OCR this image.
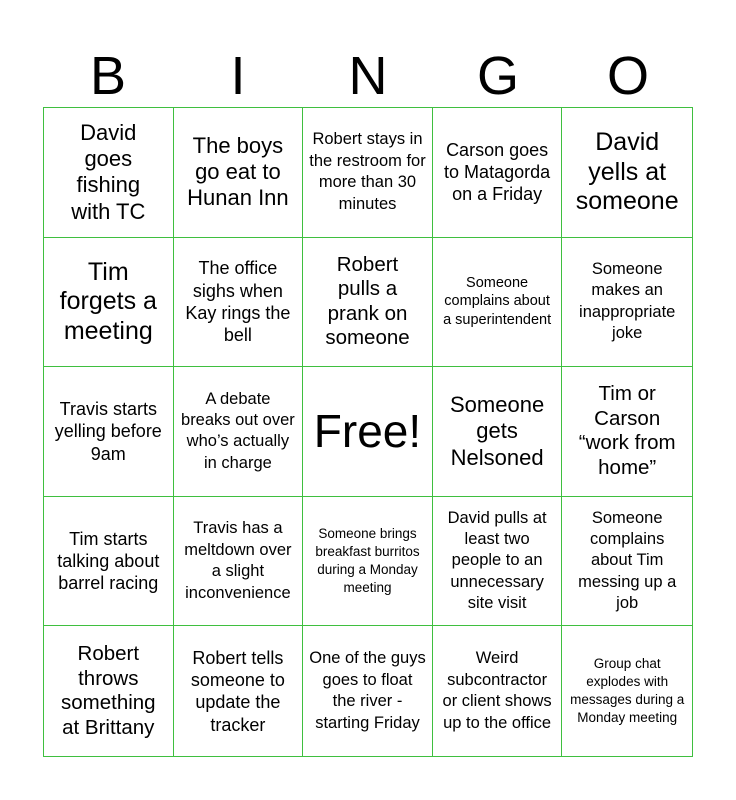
B	I	N	G	O
David goes fishing with TC
The boys go eat to Hunan Inn
Robert stays in the restroom for more than 30 minutes
Carson goes to Matagorda on a Friday
David yells at someone
Tim forgets a meeting
The office sighs when Kay rings the bell
Robert pulls a prank on someone
Someone complains about a superintendent
Someone makes an inappropriate joke
Travis starts yelling before 9am
A debate breaks out over who’s actually in charge
Free!
Someone gets Nelsoned
Tim or Carson “work from home”
Tim starts talking about barrel racing
Travis has a meltdown over a slight inconvenience
Someone brings breakfast burritos during a Monday meeting
David pulls at least two people to an unnecessary site visit
Someone complains about Tim messing up a job
Robert throws something at Brittany
Robert tells someone to update the tracker
One of the guys goes to float the river - starting Friday
Weird subcontractor or client shows up to the office
Group chat explodes with messages during a Monday meeting
